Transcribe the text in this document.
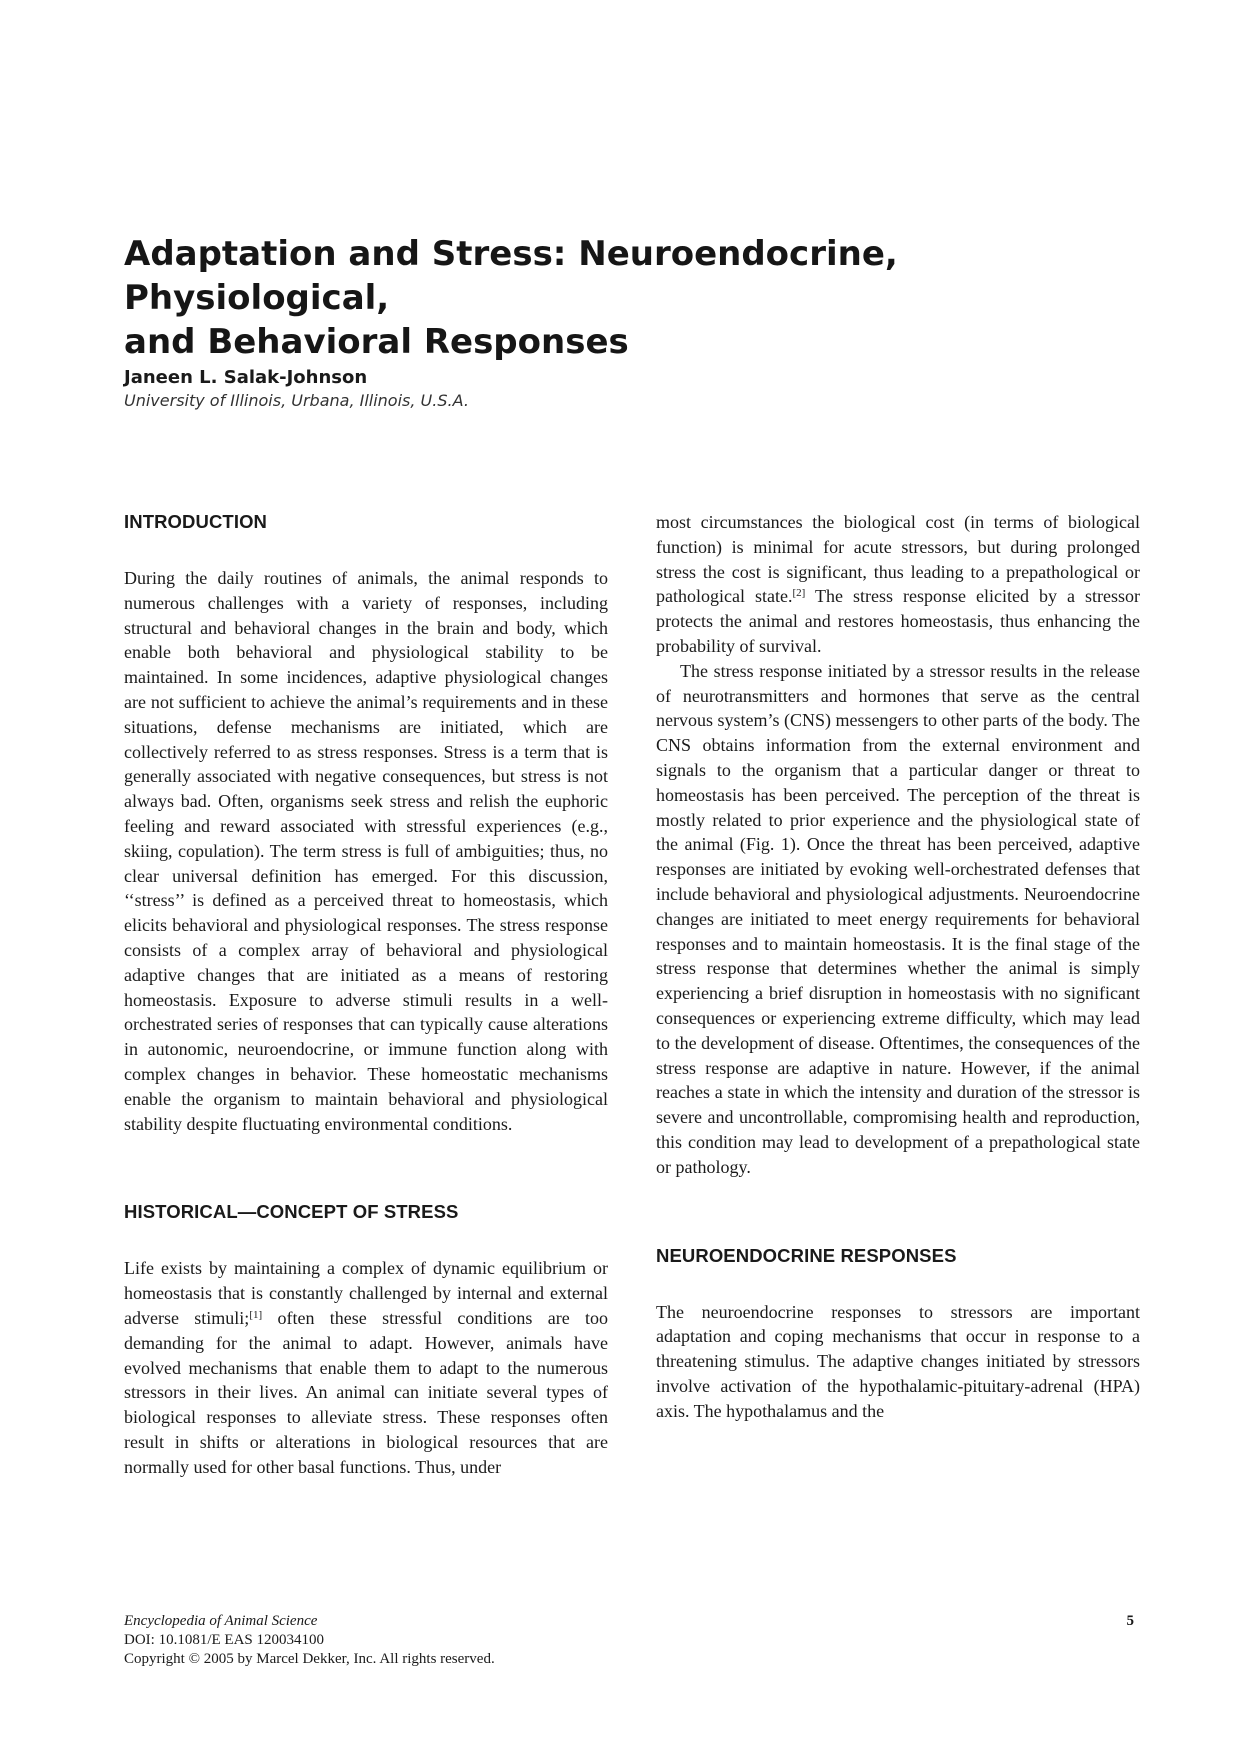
Adaptation and Stress: Neuroendocrine, Physiological,
and Behavioral Responses
Janeen L. Salak-Johnson
University of Illinois, Urbana, Illinois, U.S.A.
INTRODUCTION

During the daily routines of animals, the animal responds to numerous challenges with a variety of responses, including structural and behavioral changes in the brain and body, which enable both behavioral and physiological stability to be maintained. In some incidences, adaptive physiological changes are not sufficient to achieve the animal’s requirements and in these situations, defense mechanisms are initiated, which are collectively referred to as stress responses. Stress is a term that is generally associated with negative consequences, but stress is not always bad. Often, organisms seek stress and relish the euphoric feeling and reward associated with stressful experiences (e.g., skiing, copulation). The term stress is full of ambiguities; thus, no clear universal definition has emerged. For this discussion, ‘‘stress’’ is defined as a perceived threat to homeostasis, which elicits behavioral and physiological responses. The stress response consists of a complex array of behavioral and physiological adaptive changes that are initiated as a means of restoring homeostasis. Exposure to adverse stimuli results in a well-orchestrated series of responses that can typically cause alterations in autonomic, neuroendocrine, or immune function along with complex changes in behavior. These homeostatic mechanisms enable the organism to maintain behavioral and physiological stability despite fluctuating environmental conditions.

HISTORICAL—CONCEPT OF STRESS

Life exists by maintaining a complex of dynamic equilibrium or homeostasis that is constantly challenged by internal and external adverse stimuli;[1] often these stressful conditions are too demanding for the animal to adapt. However, animals have evolved mechanisms that enable them to adapt to the numerous stressors in their lives. An animal can initiate several types of biological responses to alleviate stress. These responses often result in shifts or alterations in biological resources that are normally used for other basal functions. Thus, under

most circumstances the biological cost (in terms of biological function) is minimal for acute stressors, but during prolonged stress the cost is significant, thus leading to a prepathological or pathological state.[2] The stress response elicited by a stressor protects the animal and restores homeostasis, thus enhancing the probability of survival.

The stress response initiated by a stressor results in the release of neurotransmitters and hormones that serve as the central nervous system’s (CNS) messengers to other parts of the body. The CNS obtains information from the external environment and signals to the organism that a particular danger or threat to homeostasis has been perceived. The perception of the threat is mostly related to prior experience and the physiological state of the animal (Fig. 1). Once the threat has been perceived, adaptive responses are initiated by evoking well-orchestrated defenses that include behavioral and physiological adjustments. Neuroendocrine changes are initiated to meet energy requirements for behavioral responses and to maintain homeostasis. It is the final stage of the stress response that determines whether the animal is simply experiencing a brief disruption in homeostasis with no significant consequences or experiencing extreme difficulty, which may lead to the development of disease. Oftentimes, the consequences of the stress response are adaptive in nature. However, if the animal reaches a state in which the intensity and duration of the stressor is severe and uncontrollable, compromising health and reproduction, this condition may lead to development of a prepathological state or pathology.

NEUROENDOCRINE RESPONSES

The neuroendocrine responses to stressors are important adaptation and coping mechanisms that occur in response to a threatening stimulus. The adaptive changes initiated by stressors involve activation of the hypothalamic-pituitary-adrenal (HPA) axis. The hypothalamus and the

Encyclopedia of Animal Science
DOI: 10.1081/E EAS 120034100
Copyright © 2005 by Marcel Dekker, Inc. All rights reserved.
5
